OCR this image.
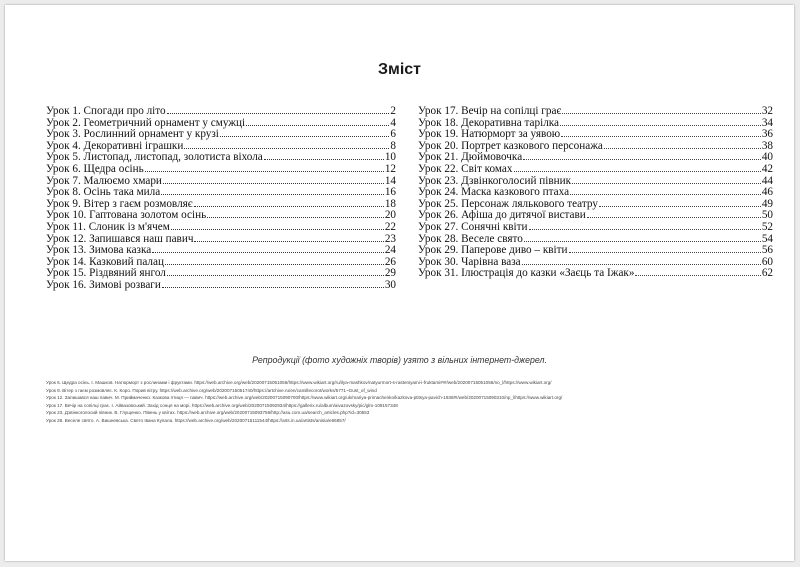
Зміст
Урок 1. Спогади про літо	2
Урок 2. Геометричний орнамент у смужці	4
Урок 3. Рослинний орнамент у крузі	6
Урок 4. Декоративні іграшки	8
Урок 5. Листопад, листопад, золотиста віхола	10
Урок 6. Щедра осінь	12
Урок 7. Малюємо хмари	14
Урок 8. Осінь така мила	16
Урок 9. Вітер з гаєм розмовляє	18
Урок 10. Гаптована золотом осінь	20
Урок 11. Слоник із м'ячем	22
Урок 12. Запишався наш павич	23
Урок 13. Зимова казка	24
Урок 14. Казковий палац	26
Урок 15. Різдвяний янгол	29
Урок 16. Зимові розваги	30
Урок 17. Вечір на сопілці грає	32
Урок 18. Декоративна тарілка	34
Урок 19. Натюрморт за уявою	36
Урок 20. Портрет казкового персонажа	38
Урок 21. Дюймовочка	40
Урок 22. Світ комах	42
Урок 23. Дзвінкоголосий півник	44
Урок 24. Маска казкового птаха	46
Урок 25. Персонаж лялькового театру	49
Урок 26. Афіша до дитячої вистави	50
Урок 27. Сонячні квіти	52
Урок 28. Веселе свято	54
Урок 29. Паперове диво – квіти	56
Урок 30. Чарівна ваза	60
Урок 31. Ілюстрація до казки «Заєць та Їжак»	62
Репродукції (фото художніх творів) узято з вільних інтернет-джерел.
Урок 6. Щедра осінь. І. Машков. Натюрморт з рослинами і фруктами. https://web.archive.org/web/20200715051056/https://www.wikiart.org/ru/ilya-mashkov/natyurmort-s-rasteniyami-i-fruktami#!#/web/20200715051056/no_l/https://www.wikiart.org/
Урок 9. Вітер з гаєм розмовляє. К. Коро. Порив вітру. https://web.archive.org/web/20200715051740/https://artchive.ru/en/camillecorot/works/5771~Gust_of_wind
Урок 12. Запишався наш павич. М. Приймаченко. Казкова птиця — павич. https://web.archive.org/web/20200715090700/https://www.wikiart.org/uk/mariya-primachenko/kazkova-ptitsya-pavich-1936#!/web/20200715090310/np_l/https://www.wikiart.org/
Урок 17. Вечір на сопілці грає. І. Айвазовський. Захід сонця на морі. https://web.archive.org/web/20200715092934/https://gallerix.ru/album/aivazovsky/pic/glrx-108157348
Урок 23. Дзвінкоголосий півник. В. Глущенко. Півень у квітах. https://web.archive.org/web/20200715093756/http://asu.com.ua/search_articles.php?id=30553
Урок 28. Веселе свято. А. Вишневська. Свято Івана Купала. https://web.archive.org/web/20200715111544/https://arts.in.ua/artists/anisia/e66657/
